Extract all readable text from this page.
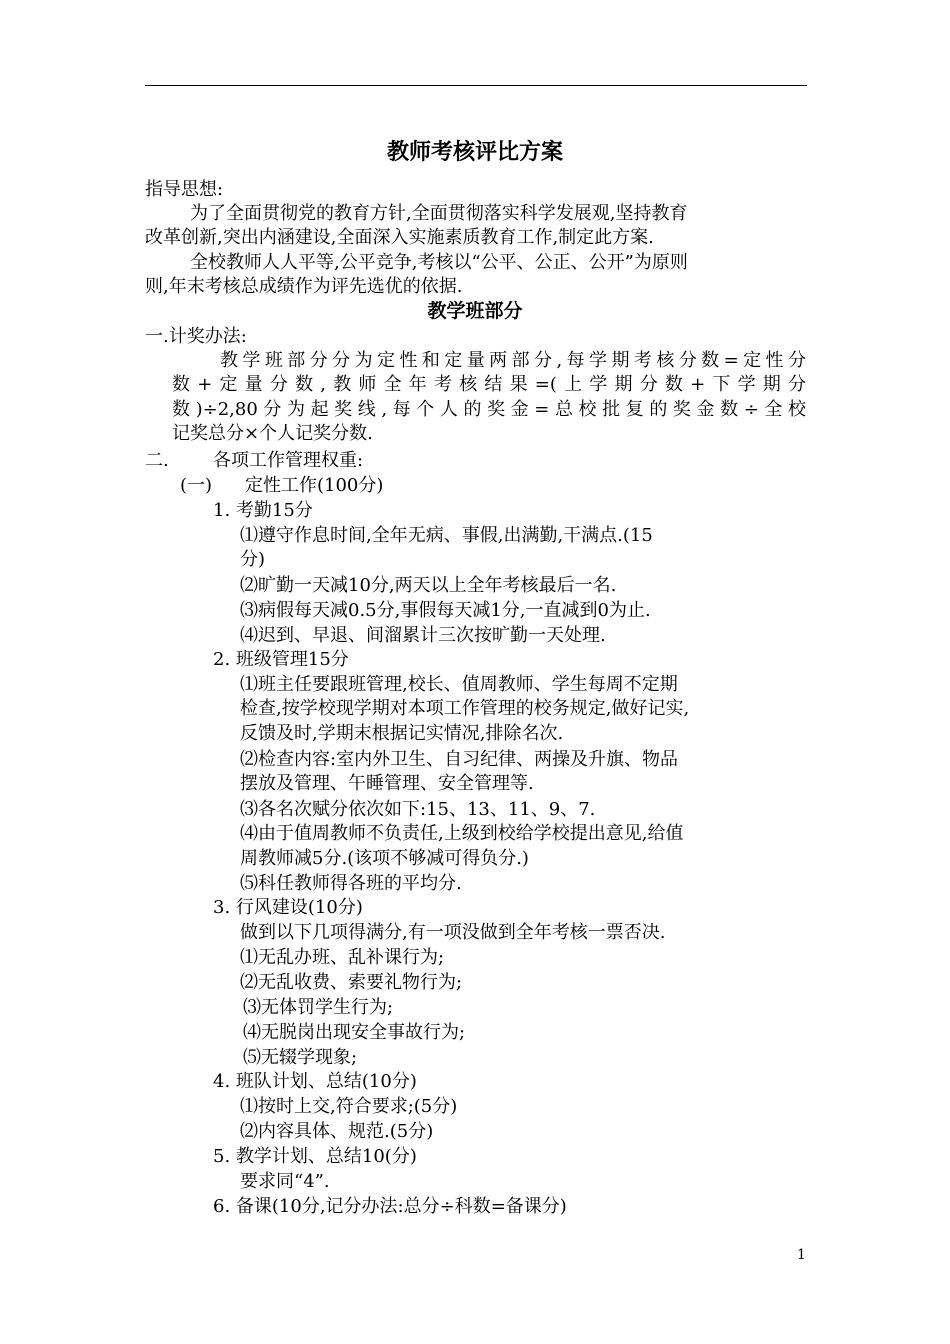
教师考核评比方案
指导思想:
为了全面贯彻党的教育方针,全面贯彻落实科学发展观,坚持教育
改革创新,突出内涵建设,全面深入实施素质教育工作,制定此方案.
全校教师人人平等,公平竞争,考核以“公平、公正、公开”为原则
则,年末考核总成绩作为评先选优的依据.
教学班部分
一.计奖办法:
教学班部分分为定性和定量两部分,每学期考核分数=定性分
数+定量分数,教师全年考核结果=(上学期分数+下学期分
数)÷2,80分为起奖线,每个人的奖金=总校批复的奖金数÷全校
记奖总分×个人记奖分数.
二. 各项工作管理权重:
(一) 定性工作(100分)
1. 考勤15分
⑴遵守作息时间,全年无病、事假,出满勤,干满点.(15
分)
⑵旷勤一天减10分,两天以上全年考核最后一名.
⑶病假每天减0.5分,事假每天减1分,一直减到0为止.
⑷迟到、早退、间溜累计三次按旷勤一天处理.
2. 班级管理15分
⑴班主任要跟班管理,校长、值周教师、学生每周不定期
检查,按学校现学期对本项工作管理的校务规定,做好记实,
反馈及时,学期末根据记实情况,排除名次.
⑵检查内容:室内外卫生、自习纪律、两操及升旗、物品
摆放及管理、午睡管理、安全管理等.
⑶各名次赋分依次如下:15、13、11、9、7.
⑷由于值周教师不负责任,上级到校给学校提出意见,给值
周教师减5分.(该项不够减可得负分.)
⑸科任教师得各班的平均分.
3. 行风建设(10分)
做到以下几项得满分,有一项没做到全年考核一票否决.
⑴无乱办班、乱补课行为;
⑵无乱收费、索要礼物行为;
⑶无体罚学生行为;
⑷无脱岗出现安全事故行为;
⑸无辍学现象;
4. 班队计划、总结(10分)
⑴按时上交,符合要求;(5分)
⑵内容具体、规范.(5分)
5. 教学计划、总结10(分)
要求同“4”.
6. 备课(10分,记分办法:总分÷科数=备课分)
1
